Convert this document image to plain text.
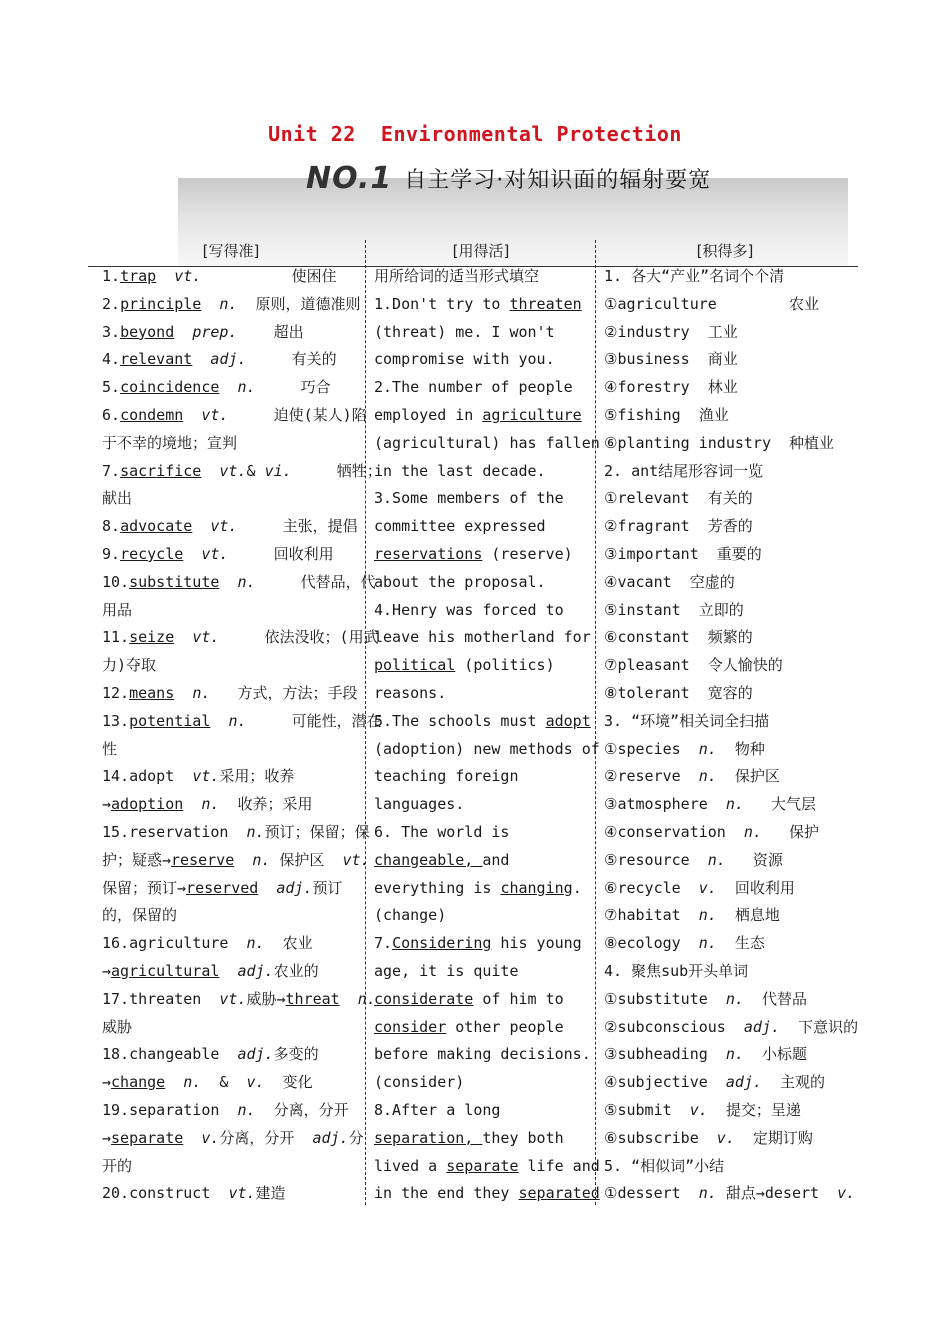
Unit 22  Environmental Protection
NO.1 自主学习·对知识面的辐射要宽
[写得准]	[用得活]	[积得多]
1.trap vt.          使困住
2.principle n.  原则，道德准则
3.beyond prep.    超出
4.relevant adj.     有关的
5.coincidence n.     巧合
6.condemn vt.     迫使(某人)陷
于不幸的境地；宣判
7.sacrifice vt.& vi.     牺牲；
献出
8.advocate vt.     主张，提倡
9.recycle vt.     回收利用
10.substitute n.     代替品，代
用品
11.seize vt.     依法没收；(用武
力)夺取
12.means n.   方式，方法；手段
13.potential n.     可能性，潜在
性
14.adopt  vt.采用；收养
→adoption n.  收养；采用
15.reservation  n.预订；保留；保
护；疑惑→reserve n. 保护区  vt.
保留；预订→reserved adj.预订
的，保留的
16.agriculture  n.  农业
→agricultural adj.农业的
17.threaten  vt.威胁→threat n.
威胁
18.changeable  adj.多变的
→change n.  &  v.  变化
19.separation  n.  分离，分开
→separate v.分离，分开  adj.分
开的
20.construct  vt.建造
用所给词的适当形式填空
1.Don't try to threaten
(threat) me. I won't
compromise with you.
2.The number of people
employed in agriculture
(agricultural) has fallen
in the last decade.
3.Some members of the
committee expressed
reservations (reserve)
about the proposal.
4.Henry was forced to
leave his motherland for
political (politics)
reasons.
5.The schools must adopt
(adoption) new methods of
teaching foreign
languages.
6. The world is
changeable, and
everything is changing.
(change)
7.Considering his young
age, it is quite
considerate of him to
consider other people
before making decisions.
(consider)
8.After a long
separation, they both
lived a separate life and
in the end they separated
1. 各大“产业”名词个个清
①agriculture        农业
②industry  工业
③business  商业
④forestry  林业
⑤fishing  渔业
⑥planting industry  种植业
2. ant结尾形容词一览
①relevant  有关的
②fragrant  芳香的
③important  重要的
④vacant  空虚的
⑤instant  立即的
⑥constant  频繁的
⑦pleasant  令人愉快的
⑧tolerant  宽容的
3. “环境”相关词全扫描
①species  n.  物种
②reserve  n.  保护区
③atmosphere  n.   大气层
④conservation  n.   保护
⑤resource  n.   资源
⑥recycle  v.  回收利用
⑦habitat  n.  栖息地
⑧ecology  n.  生态
4. 聚焦sub开头单词
①substitute  n.  代替品
②subconscious  adj.  下意识的
③subheading  n.  小标题
④subjective  adj.  主观的
⑤submit  v.  提交；呈递
⑥subscribe  v.  定期订购
5. “相似词”小结
①dessert  n. 甜点→desert  v.
